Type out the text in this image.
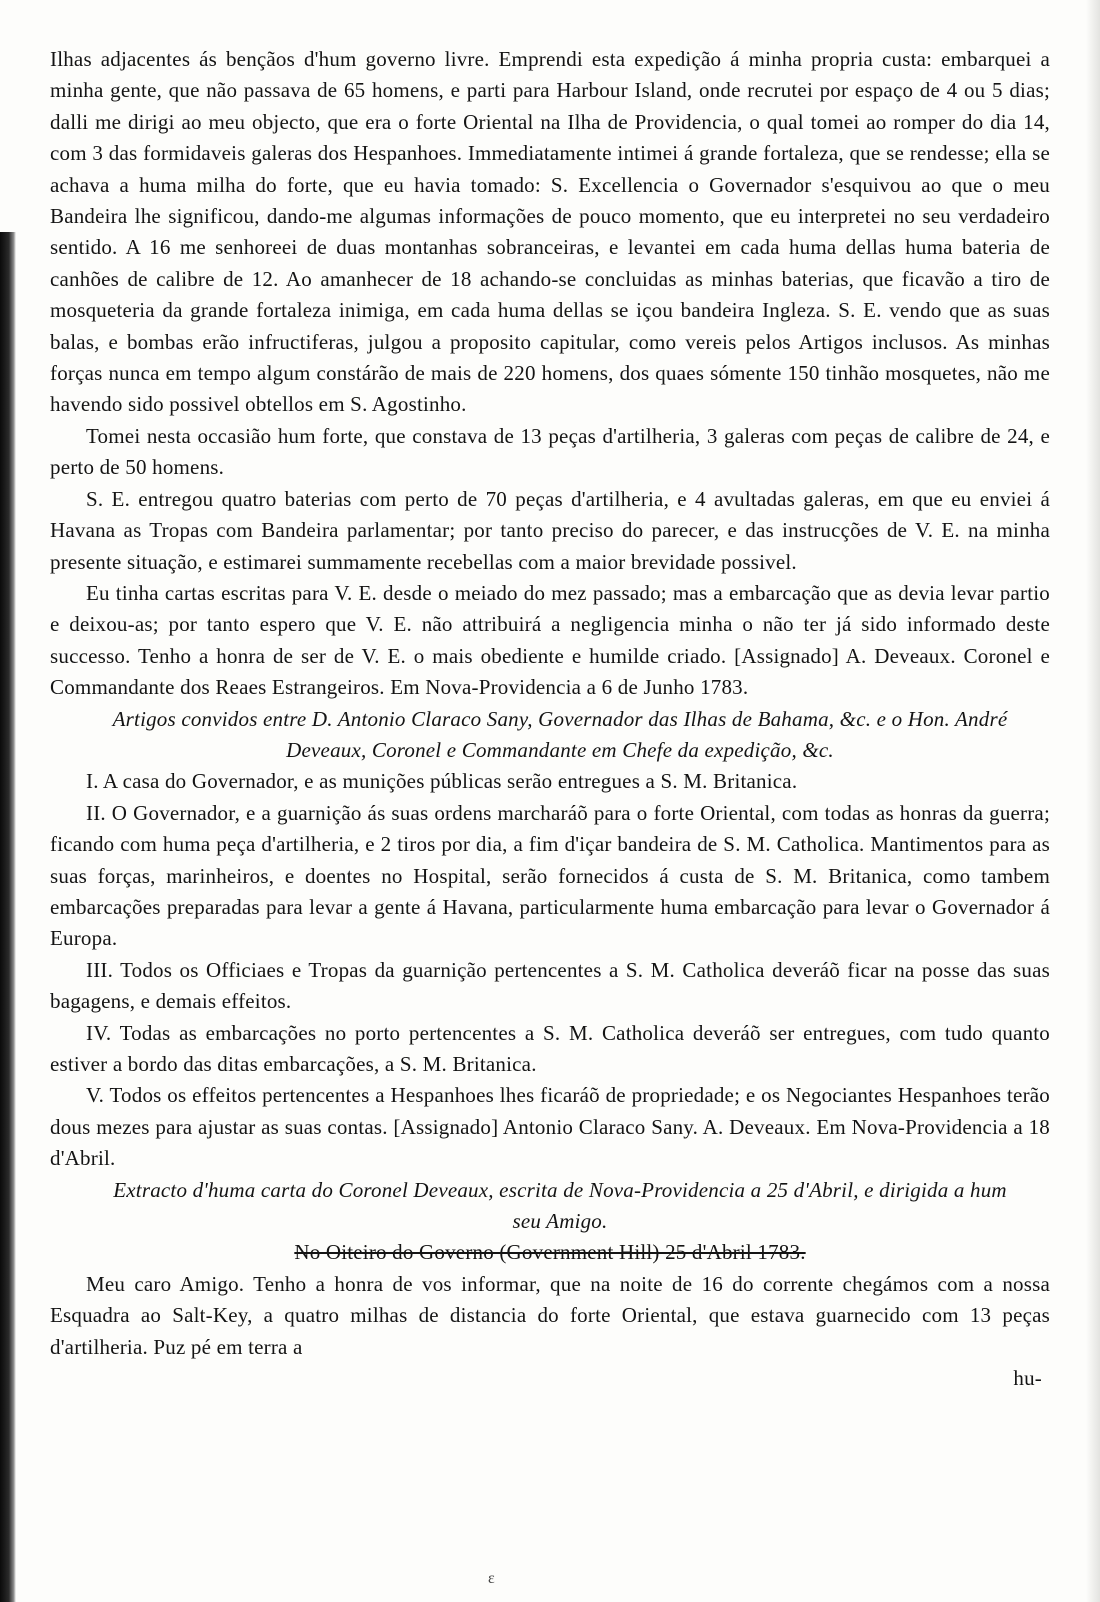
Ilhas adjacentes ás bençãos d'hum governo livre. Emprendi esta expedição á minha propria custa: embarquei a minha gente, que não passava de 65 homens, e parti para Harbour Island, onde recrutei por espaço de 4 ou 5 dias; dalli me dirigi ao meu objecto, que era o forte Oriental na Ilha de Providencia, o qual tomei ao romper do dia 14, com 3 das formidaveis galeras dos Hespanhoes. Immediatamente intimei á grande fortaleza, que se rendesse; ella se achava a huma milha do forte, que eu havia tomado: S. Excellencia o Governador s'esquivou ao que o meu Bandeira lhe significou, dando-me algumas informações de pouco momento, que eu interpretei no seu verdadeiro sentido. A 16 me senhoreei de duas montanhas sobranceiras, e levantei em cada huma dellas huma bateria de canhões de calibre de 12. Ao amanhecer de 18 achando-se concluidas as minhas baterias, que ficavão a tiro de mosqueteria da grande fortaleza inimiga, em cada huma dellas se içou bandeira Ingleza. S. E. vendo que as suas balas, e bombas erão infructiferas, julgou a proposito capitular, como vereis pelos Artigos inclusos. As minhas forças nunca em tempo algum constárão de mais de 220 homens, dos quaes sómente 150 tinhão mosquetes, não me havendo sido possivel obtellos em S. Agostinho.

Tomei nesta occasião hum forte, que constava de 13 peças d'artilheria, 3 galeras com peças de calibre de 24, e perto de 50 homens.

S. E. entregou quatro baterias com perto de 70 peças d'artilheria, e 4 avultadas galeras, em que eu enviei á Havana as Tropas com Bandeira parlamentar; por tanto preciso do parecer, e das instrucções de V. E. na minha presente situação, e estimarei summamente recebellas com a maior brevidade possivel.

Eu tinha cartas escritas para V. E. desde o meiado do mez passado; mas a embarcação que as devia levar partio e deixou-as; por tanto espero que V. E. não attribuirá a negligencia minha o não ter já sido informado deste successo. Tenho a honra de ser de V. E. o mais obediente e humilde criado. [Assignado] A. Deveaux. Coronel e Commandante dos Reaes Estrangeiros. Em Nova-Providencia a 6 de Junho 1783.

Artigos convidos entre D. Antonio Claraco Sany, Governador das Ilhas de Bahama, &c. e o Hon. André Deveaux, Coronel e Commandante em Chefe da expedição, &c.

I. A casa do Governador, e as munições públicas serão entregues a S. M. Britanica.

II. O Governador, e a guarnição ás suas ordens marcharáõ para o forte Oriental, com todas as honras da guerra; ficando com huma peça d'artilheria, e 2 tiros por dia, a fim d'içar bandeira de S. M. Catholica. Mantimentos para as suas forças, marinheiros, e doentes no Hospital, serão fornecidos á custa de S. M. Britanica, como tambem embarcações preparadas para levar a gente á Havana, particularmente huma embarcação para levar o Governador á Europa.

III. Todos os Officiaes e Tropas da guarnição pertencentes a S. M. Catholica deveráõ ficar na posse das suas bagagens, e demais effeitos.

IV. Todas as embarcações no porto pertencentes a S. M. Catholica deveráõ ser entregues, com tudo quanto estiver a bordo das ditas embarcações, a S. M. Britanica.

V. Todos os effeitos pertencentes a Hespanhoes lhes ficaráõ de propriedade; e os Negociantes Hespanhoes terão dous mezes para ajustar as suas contas. [Assignado] Antonio Claraco Sany. A. Deveaux. Em Nova-Providencia a 18 d'Abril.

Extracto d'huma carta do Coronel Deveaux, escrita de Nova-Providencia a 25 d'Abril, e dirigida a hum seu Amigo.

No Oiteiro do Governo (Government Hill) 25 d'Abril 1783.

Meu caro Amigo. Tenho a honra de vos informar, que na noite de 16 do corrente chegámos com a nossa Esquadra ao Salt-Key, a quatro milhas de distancia do forte Oriental, que estava guarnecido com 13 peças d'artilheria. Puz pé em terra a

hu-

ε
